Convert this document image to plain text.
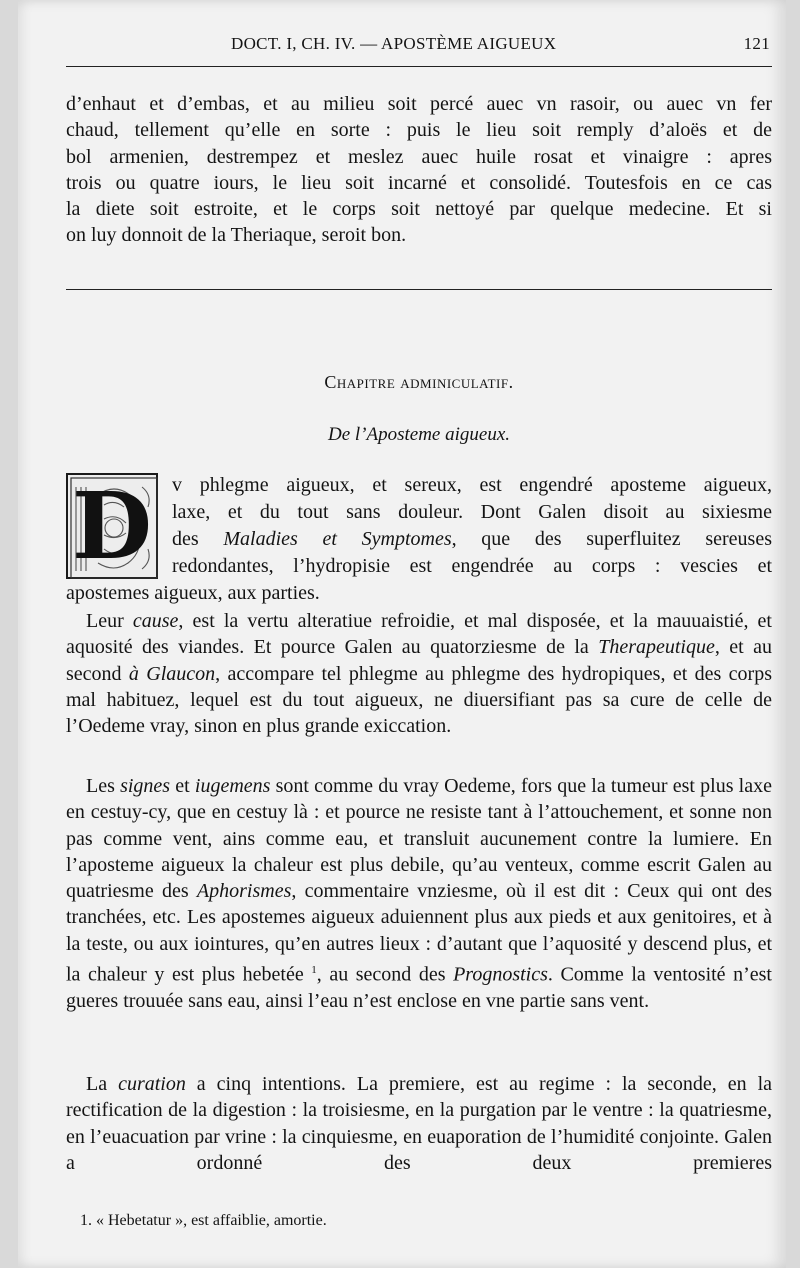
DOCT. I, CH. IV. — APOSTÈME AIGUEUX	121

d’enhaut et d’embas, et au milieu soit percé auec vn rasoir, ou auec vn fer

chaud, tellement qu’elle en sorte : puis le lieu soit remply d’aloës et de

bol armenien, destrempez et meslez auec huile rosat et vinaigre : apres

trois ou quatre iours, le lieu soit incarné et consolidé. Toutesfois en ce cas

la diete soit estroite, et le corps soit nettoyé par quelque medecine. Et si

on luy donnoit de la Theriaque, seroit bon.

Chapitre adminiculatif.
De l’Aposteme aigueux.
D v phlegme aigueux, et sereux, est engendré aposteme aigueux,

laxe, et du tout sans douleur. Dont Galen disoit au sixiesme

des Maladies et Symptomes, que des superfluitez sereuses

redondantes, l’hydropisie est engendrée au corps : vescies et

apostemes aigueux, aux parties.

Leur cause, est la vertu alteratiue refroidie, et mal disposée, et la mauuaistié, et aquosité des viandes. Et pource Galen au quatorziesme de la Therapeutique, et au second à Glaucon, accompare tel phlegme au phlegme des hydropiques, et des corps mal habituez, lequel est du tout aigueux, ne diuersifiant pas sa cure de celle de l’Oedeme vray, sinon en plus grande exiccation.

Les signes et iugemens sont comme du vray Oedeme, fors que la tumeur est plus laxe en cestuy-cy, que en cestuy là : et pource ne resiste tant à l’attouchement, et sonne non pas comme vent, ains comme eau, et transluit aucunement contre la lumiere. En l’aposteme aigueux la chaleur est plus debile, qu’au venteux, comme escrit Galen au quatriesme des Aphorismes, commentaire vnziesme, où il est dit : Ceux qui ont des tranchées, etc. Les apostemes aigueux aduiennent plus aux pieds et aux genitoires, et à la teste, ou aux iointures, qu’en autres lieux : d’autant que l’aquosité y descend plus, et la chaleur y est plus hebetée $^1$, au second des Prognostics. Comme la ventosité n’est gueres trouuée sans eau, ainsi l’eau n’est enclose en vne partie sans vent.

La curation a cinq intentions. La premiere, est au regime : la seconde, en la rectification de la digestion : la troisiesme, en la purgation par le ventre : la quatriesme, en l’euacuation par vrine : la cinquiesme, en euaporation de l’humidité conjointe. Galen a ordonné des deux premieres

1. « Hebetatur », est affaiblie, amortie.
